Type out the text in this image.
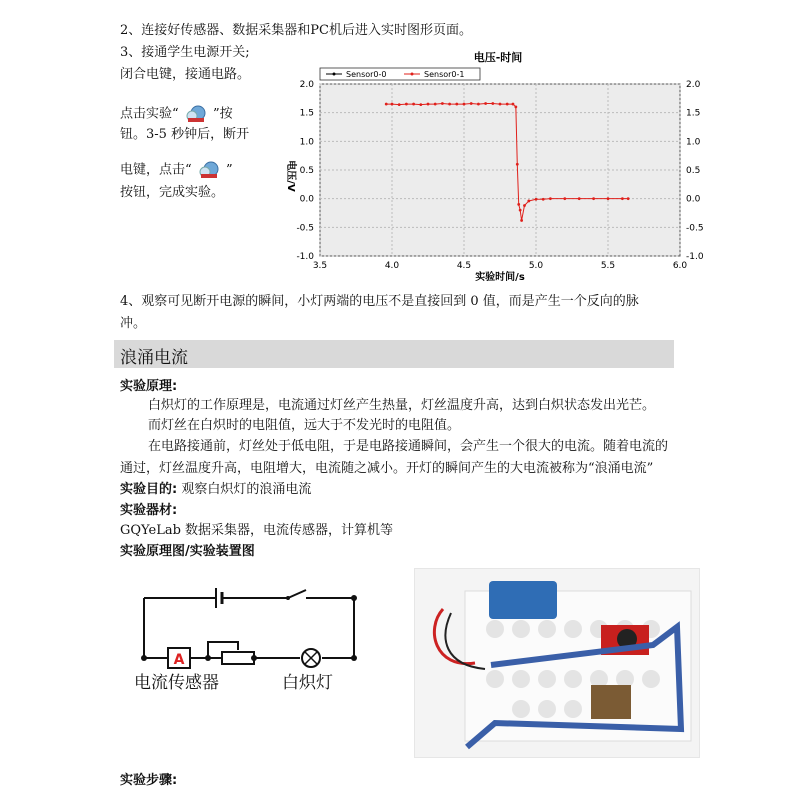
2、连接好传感器、数据采集器和PC机后进入实时图形页面。
3、接通学生电源开关;
闭合电键，接通电路。
点击实验“	”按
钮。3-5 秒钟后，断开
电键，点击“	”
按钮，完成实验。
电压-时间
Sensor0-0	Sensor0-1
3.5	4.0	4.5	5.0	5.5	6.0
-1.0	-1.0
-0.5	-0.5
0.0	0.0
0.5	0.5
1.0	1.0
1.5	1.5
2.0	2.0
实验时间/s
电压/V
4、观察可见断开电源的瞬间，小灯两端的电压不是直接回到 0 值，而是产生一个反向的脉
冲。
浪涌电流
实验原理:
白炽灯的工作原理是，电流通过灯丝产生热量，灯丝温度升高，达到白炽状态发出光芒。
而灯丝在白炽时的电阻值，远大于不发光时的电阻值。
在电路接通前，灯丝处于低电阻，于是电路接通瞬间，会产生一个很大的电流。随着电流的
通过，灯丝温度升高，电阻增大，电流随之减小。开灯的瞬间产生的大电流被称为“浪涌电流”
实验目的: 观察白炽灯的浪涌电流
实验器材:
GQYeLab 数据采集器，电流传感器，计算机等
实验原理图/实验装置图
A
电流传感器	白炽灯
实验步骤:
